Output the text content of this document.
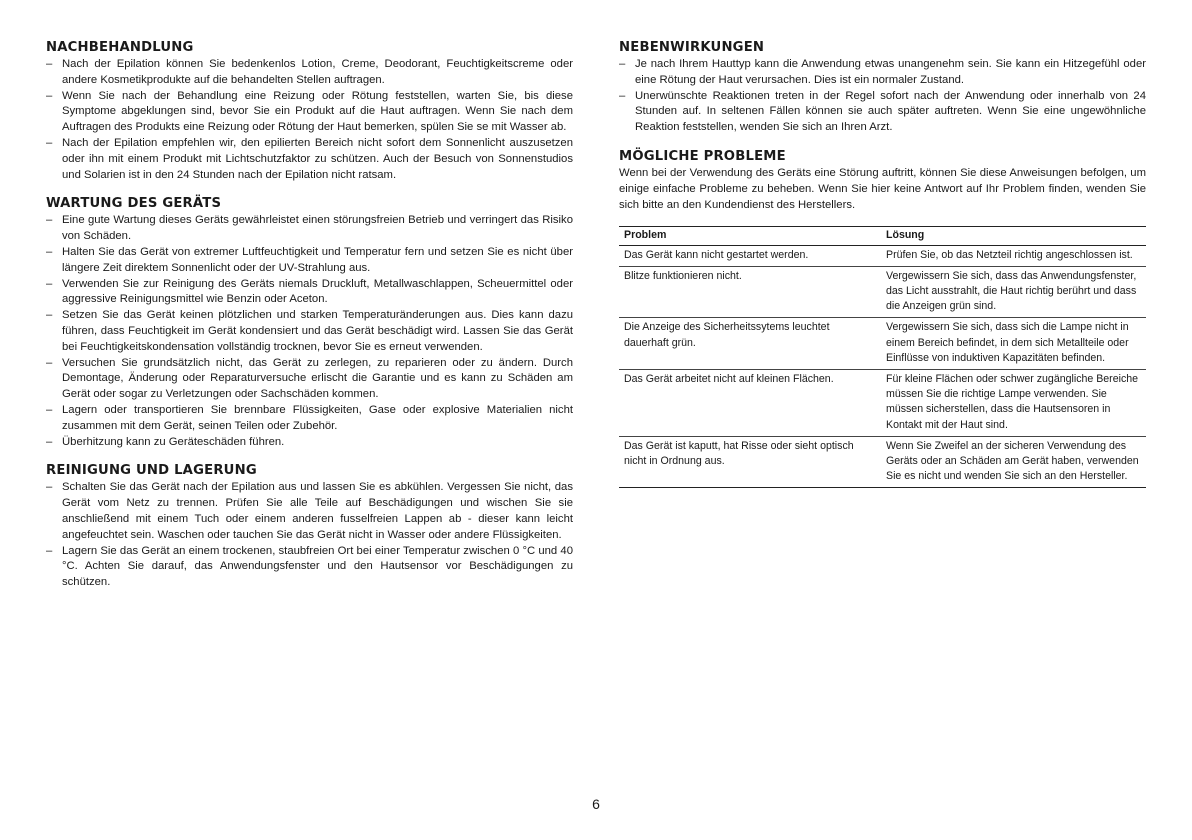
NACHBEHANDLUNG
– Nach der Epilation können Sie bedenkenlos Lotion, Creme, Deodorant, Feuchtigkeitscreme oder andere Kosmetikprodukte auf die behandelten Stellen auftragen.
– Wenn Sie nach der Behandlung eine Reizung oder Rötung feststellen, warten Sie, bis diese Symptome abgeklungen sind, bevor Sie ein Produkt auf die Haut auftragen. Wenn Sie nach dem Auftragen des Produkts eine Reizung oder Rötung der Haut bemerken, spülen Sie se mit Wasser ab.
– Nach der Epilation empfehlen wir, den epilierten Bereich nicht sofort dem Sonnenlicht auszusetzen oder ihn mit einem Produkt mit Lichtschutzfaktor zu schützen. Auch der Besuch von Sonnenstudios und Solarien ist in den 24 Stunden nach der Epilation nicht ratsam.
WARTUNG DES GERÄTS
– Eine gute Wartung dieses Geräts gewährleistet einen störungsfreien Betrieb und verringert das Risiko von Schäden.
– Halten Sie das Gerät von extremer Luftfeuchtigkeit und Temperatur fern und setzen Sie es nicht über längere Zeit direktem Sonnenlicht oder der UV-Strahlung aus.
– Verwenden Sie zur Reinigung des Geräts niemals Druckluft, Metallwaschlappen, Scheuermittel oder aggressive Reinigungsmittel wie Benzin oder Aceton.
– Setzen Sie das Gerät keinen plötzlichen und starken Temperaturänderungen aus. Dies kann dazu führen, dass Feuchtigkeit im Gerät kondensiert und das Gerät beschädigt wird. Lassen Sie das Gerät bei Feuchtigkeitskondensation vollständig trocknen, bevor Sie es erneut verwenden.
– Versuchen Sie grundsätzlich nicht, das Gerät zu zerlegen, zu reparieren oder zu ändern. Durch Demontage, Änderung oder Reparaturversuche erlischt die Garantie und es kann zu Schäden am Gerät oder sogar zu Verletzungen oder Sachschäden kommen.
– Lagern oder transportieren Sie brennbare Flüssigkeiten, Gase oder explosive Materialien nicht zusammen mit dem Gerät, seinen Teilen oder Zubehör.
– Überhitzung kann zu Geräteschäden führen.
REINIGUNG UND LAGERUNG
– Schalten Sie das Gerät nach der Epilation aus und lassen Sie es abkühlen. Vergessen Sie nicht, das Gerät vom Netz zu trennen. Prüfen Sie alle Teile auf Beschädigungen und wischen Sie sie anschließend mit einem Tuch oder einem anderen fusselfreien Lappen ab - dieser kann leicht angefeuchtet sein. Waschen oder tauchen Sie das Gerät nicht in Wasser oder andere Flüssigkeiten.
– Lagern Sie das Gerät an einem trockenen, staubfreien Ort bei einer Temperatur zwischen 0 °C und 40 °C. Achten Sie darauf, das Anwendungsfenster und den Hautsensor vor Beschädigungen zu schützen.
NEBENWIRKUNGEN
– Je nach Ihrem Hauttyp kann die Anwendung etwas unangenehm sein. Sie kann ein Hitzegefühl oder eine Rötung der Haut verursachen. Dies ist ein normaler Zustand.
– Unerwünschte Reaktionen treten in der Regel sofort nach der Anwendung oder innerhalb von 24 Stunden auf. In seltenen Fällen können sie auch später auftreten. Wenn Sie eine ungewöhnliche Reaktion feststellen, wenden Sie sich an Ihren Arzt.
MÖGLICHE PROBLEME

Wenn bei der Verwendung des Geräts eine Störung auftritt, können Sie diese Anweisungen befolgen, um einige einfache Probleme zu beheben. Wenn Sie hier keine Antwort auf Ihr Problem finden, wenden Sie sich bitte an den Kundendienst des Herstellers.

Problem	Lösung
Das Gerät kann nicht gestartet werden.	Prüfen Sie, ob das Netzteil richtig angeschlossen ist.
Blitze funktionieren nicht.	Vergewissern Sie sich, dass das Anwendungsfenster, das Licht ausstrahlt, die Haut richtig berührt und dass die Anzeigen grün sind.
Die Anzeige des Sicherheitssytems leuchtet dauerhaft grün.	Vergewissern Sie sich, dass sich die Lampe nicht in einem Bereich befindet, in dem sich Metallteile oder Einflüsse von induktiven Kapazitäten befinden.
Das Gerät arbeitet nicht auf kleinen Flächen.	Für kleine Flächen oder schwer zugängliche Bereiche müssen Sie die richtige Lampe verwenden. Sie müssen sicherstellen, dass die Hautsensoren in Kontakt mit der Haut sind.
Das Gerät ist kaputt, hat Risse oder sieht optisch nicht in Ordnung aus.	Wenn Sie Zweifel an der sicheren Verwendung des Geräts oder an Schäden am Gerät haben, verwenden Sie es nicht und wenden Sie sich an den Hersteller.
6
